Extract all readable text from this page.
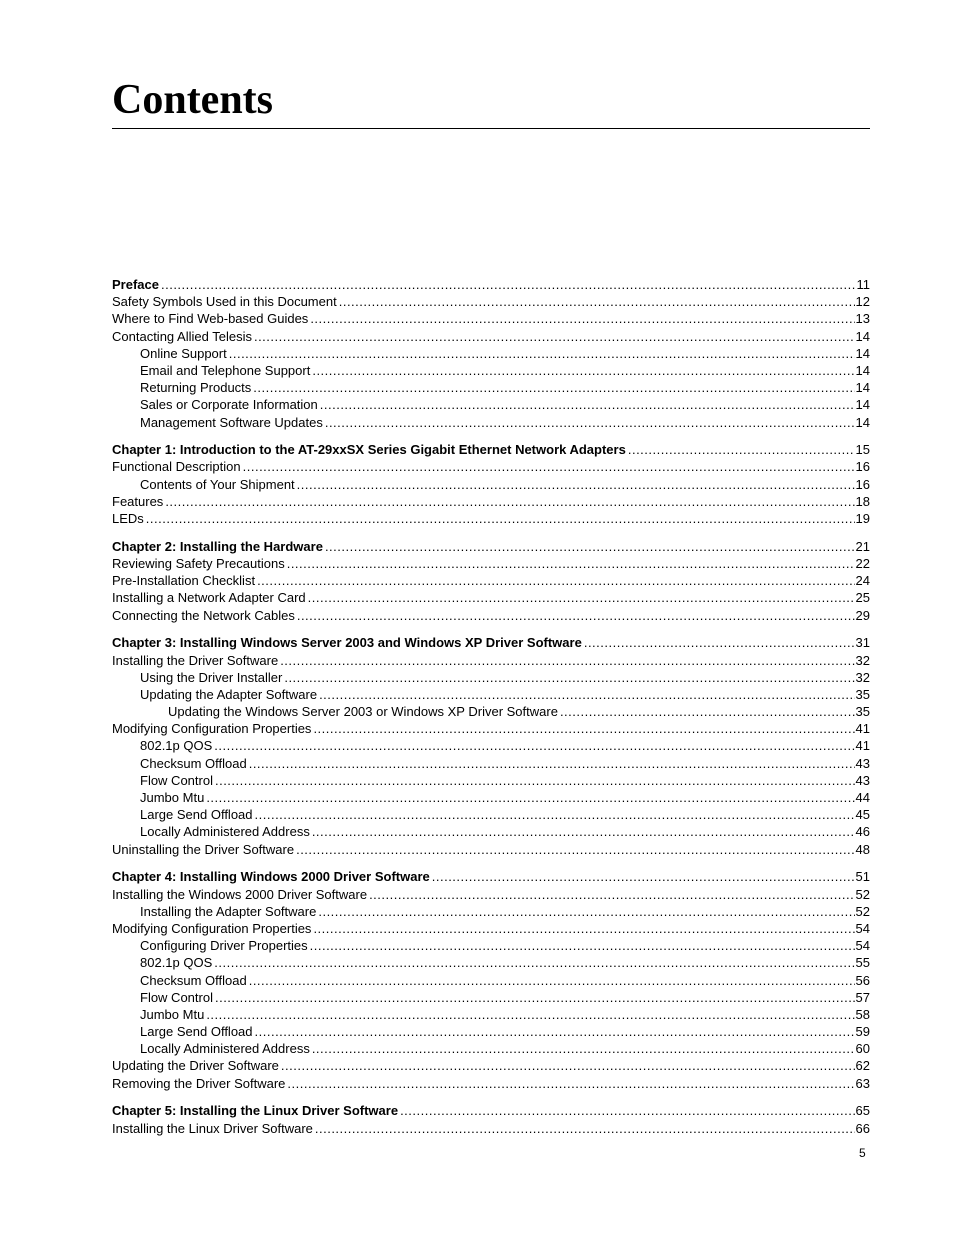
Contents
Preface .....	11
Safety Symbols Used in this Document .....	12
Where to Find Web-based Guides .....	13
Contacting Allied Telesis .....	14
Online Support .....	14
Email and Telephone Support .....	14
Returning Products .....	14
Sales or Corporate Information .....	14
Management Software Updates .....	14
Chapter 1: Introduction to the AT-29xxSX Series Gigabit Ethernet Network Adapters .....	15
Functional Description .....	16
Contents of Your Shipment .....	16
Features .....	18
LEDs .....	19
Chapter 2: Installing the Hardware .....	21
Reviewing Safety Precautions .....	22
Pre-Installation Checklist .....	24
Installing a Network Adapter Card .....	25
Connecting the Network Cables .....	29
Chapter 3: Installing Windows Server 2003 and Windows XP Driver Software .....	31
Installing the Driver Software .....	32
Using the Driver Installer .....	32
Updating the Adapter Software .....	35
Updating the Windows Server 2003 or Windows XP Driver Software .....	35
Modifying Configuration Properties .....	41
802.1p QOS .....	41
Checksum Offload .....	43
Flow Control .....	43
Jumbo Mtu .....	44
Large Send Offload .....	45
Locally Administered Address .....	46
Uninstalling the Driver Software .....	48
Chapter 4: Installing Windows 2000 Driver Software .....	51
Installing the Windows 2000 Driver Software .....	52
Installing the Adapter Software .....	52
Modifying Configuration Properties .....	54
Configuring Driver Properties .....	54
802.1p QOS .....	55
Checksum Offload .....	56
Flow Control .....	57
Jumbo Mtu .....	58
Large Send Offload .....	59
Locally Administered Address .....	60
Updating the Driver Software .....	62
Removing the Driver Software .....	63
Chapter 5: Installing the Linux Driver Software .....	65
Installing the Linux Driver Software .....	66
5
